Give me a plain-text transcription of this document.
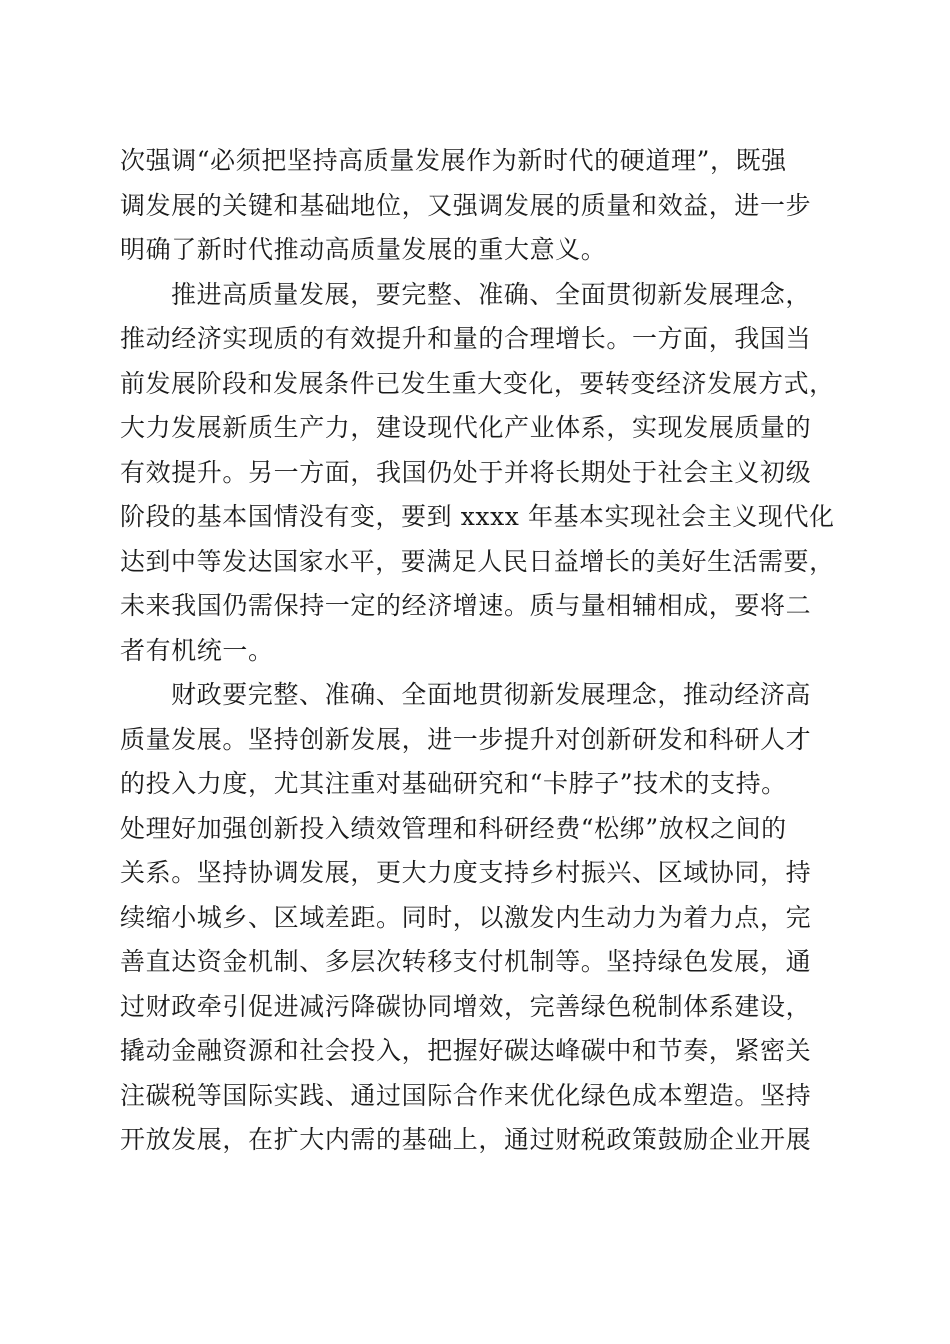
次强调“必须把坚持高质量发展作为新时代的硬道理”，既强
调发展的关键和基础地位，又强调发展的质量和效益，进一步
明确了新时代推动高质量发展的重大意义。
推进高质量发展，要完整、准确、全面贯彻新发展理念，
推动经济实现质的有效提升和量的合理增长。一方面，我国当
前发展阶段和发展条件已发生重大变化，要转变经济发展方式，
大力发展新质生产力，建设现代化产业体系，实现发展质量的
有效提升。另一方面，我国仍处于并将长期处于社会主义初级
阶段的基本国情没有变，要到 xxxx 年基本实现社会主义现代化
达到中等发达国家水平，要满足人民日益增长的美好生活需要，
未来我国仍需保持一定的经济增速。质与量相辅相成，要将二
者有机统一。
财政要完整、准确、全面地贯彻新发展理念，推动经济高
质量发展。坚持创新发展，进一步提升对创新研发和科研人才
的投入力度，尤其注重对基础研究和“卡脖子”技术的支持。
处理好加强创新投入绩效管理和科研经费“松绑”放权之间的
关系。坚持协调发展，更大力度支持乡村振兴、区域协同，持
续缩小城乡、区域差距。同时，以激发内生动力为着力点，完
善直达资金机制、多层次转移支付机制等。坚持绿色发展，通
过财政牵引促进减污降碳协同增效，完善绿色税制体系建设，
撬动金融资源和社会投入，把握好碳达峰碳中和节奏，紧密关
注碳税等国际实践、通过国际合作来优化绿色成本塑造。坚持
开放发展，在扩大内需的基础上，通过财税政策鼓励企业开展
